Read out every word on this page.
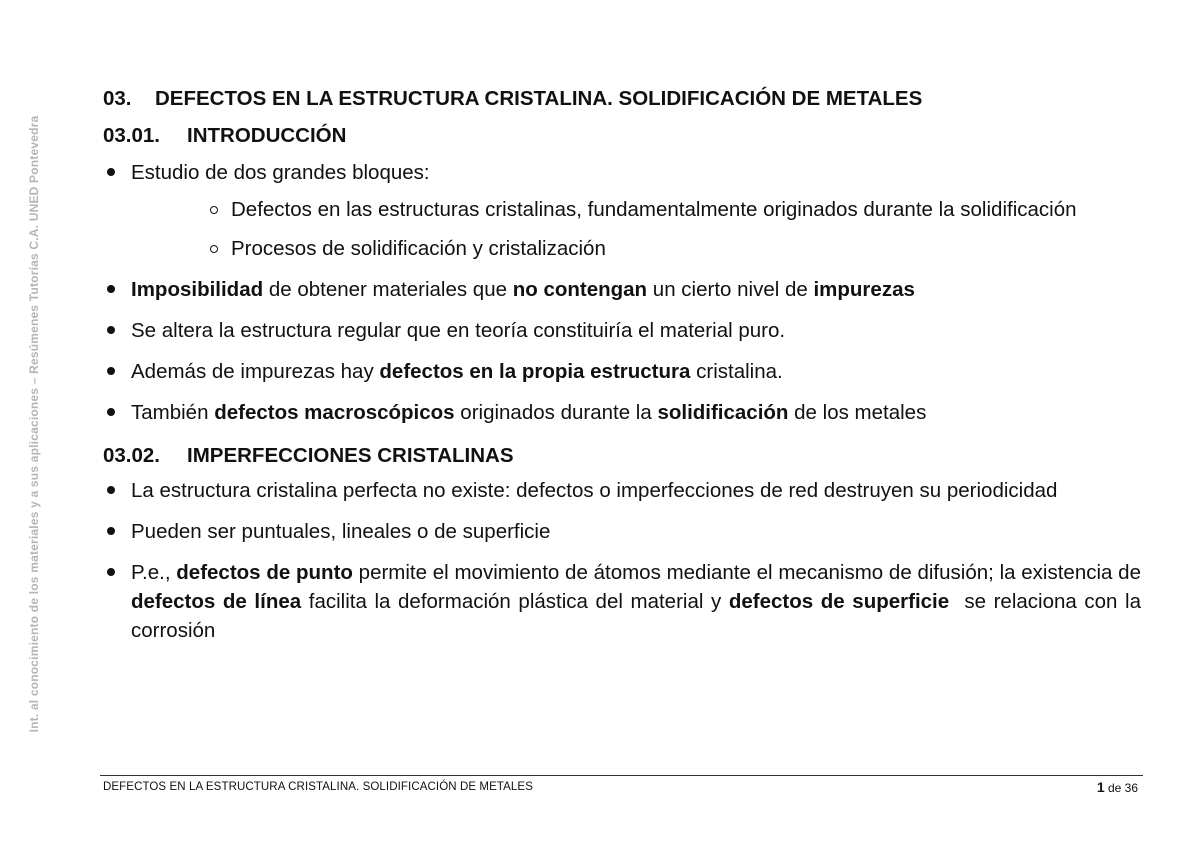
Int. al conocimiento de los materiales y a sus aplicaciones – Resúmenes Tutorías C.A. UNED Pontevedra
03.	DEFECTOS EN LA ESTRUCTURA CRISTALINA. SOLIDIFICACIÓN DE METALES
03.01.	INTRODUCCIÓN
Estudio de dos grandes bloques:
Defectos en las estructuras cristalinas, fundamentalmente originados durante la solidificación
Procesos de solidificación y cristalización
Imposibilidad de obtener materiales que no contengan un cierto nivel de impurezas
Se altera la estructura regular que en teoría constituiría el material puro.
Además de impurezas hay defectos en la propia estructura cristalina.
También defectos macroscópicos originados durante la solidificación de los metales
03.02.	IMPERFECCIONES CRISTALINAS
La estructura cristalina perfecta no existe: defectos o imperfecciones de red destruyen su periodicidad
Pueden ser puntuales, lineales o de superficie
P.e., defectos de punto permite el movimiento de átomos mediante el mecanismo de difusión; la existencia de defectos de línea facilita la deformación plástica del material y defectos de superficie  se relaciona con la corrosión
DEFECTOS EN LA ESTRUCTURA CRISTALINA. SOLIDIFICACIÓN DE METALES	1 de 36
